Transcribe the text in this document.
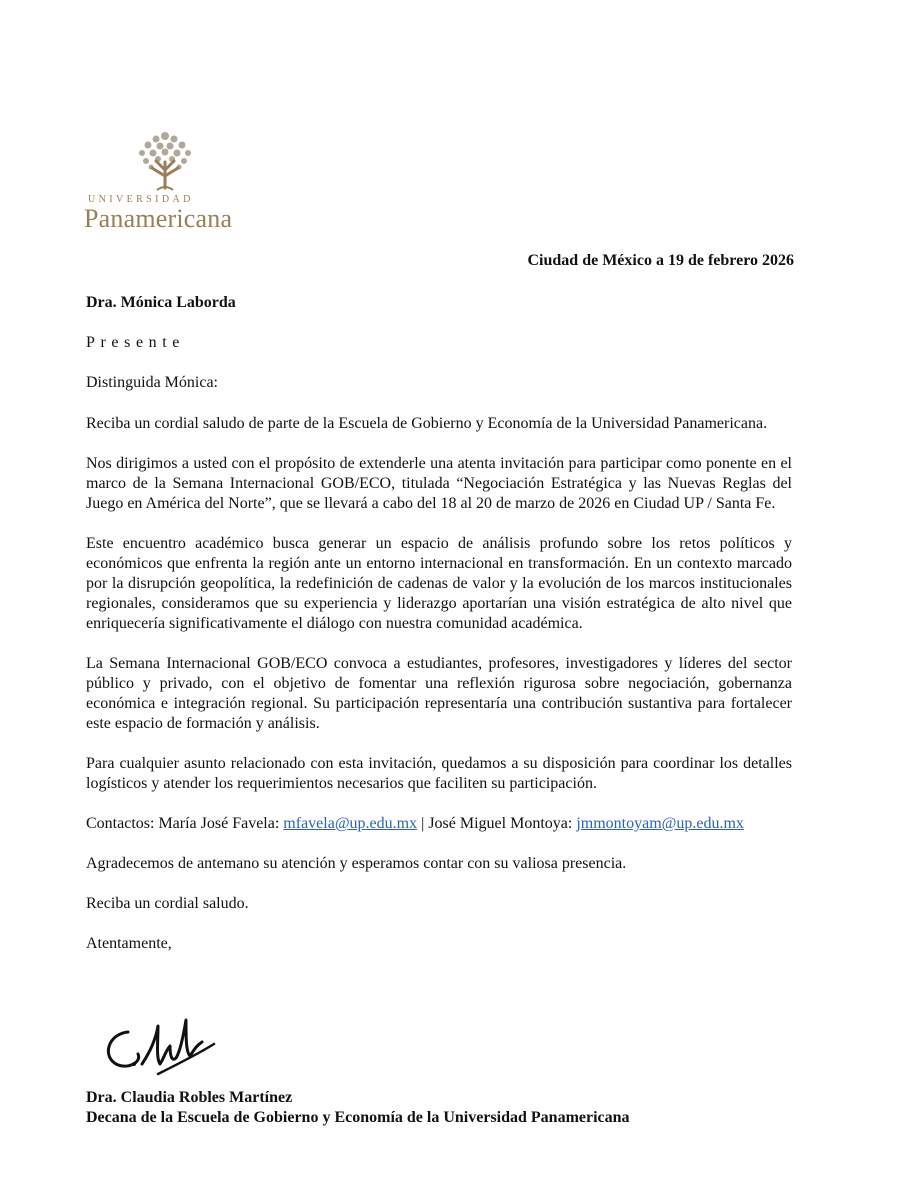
UNIVERSIDAD
Panamericana
Ciudad de México a 19 de febrero 2026
Dra. Mónica Laborda
Presente
Distinguida Mónica:

Reciba un cordial saludo de parte de la Escuela de Gobierno y Economía de la Universidad Panamericana.

Nos dirigimos a usted con el propósito de extenderle una atenta invitación para participar como ponente en el marco de la Semana Internacional GOB/ECO, titulada “Negociación Estratégica y las Nuevas Reglas del Juego en América del Norte”, que se llevará a cabo del 18 al 20 de marzo de 2026 en Ciudad UP / Santa Fe.

Este encuentro académico busca generar un espacio de análisis profundo sobre los retos políticos y económicos que enfrenta la región ante un entorno internacional en transformación. En un contexto marcado por la disrupción geopolítica, la redefinición de cadenas de valor y la evolución de los marcos institucionales regionales, consideramos que su experiencia y liderazgo aportarían una visión estratégica de alto nivel que enriquecería significativamente el diálogo con nuestra comunidad académica.

La Semana Internacional GOB/ECO convoca a estudiantes, profesores, investigadores y líderes del sector público y privado, con el objetivo de fomentar una reflexión rigurosa sobre negociación, gobernanza económica e integración regional. Su participación representaría una contribución sustantiva para fortalecer este espacio de formación y análisis.

Para cualquier asunto relacionado con esta invitación, quedamos a su disposición para coordinar los detalles logísticos y atender los requerimientos necesarios que faciliten su participación.

Contactos: María José Favela: mfavela@up.edu.mx | José Miguel Montoya: jmmontoyam@up.edu.mx

Agradecemos de antemano su atención y esperamos contar con su valiosa presencia.

Reciba un cordial saludo.

Atentamente,

Dra. Claudia Robles Martínez
Decana de la Escuela de Gobierno y Economía de la Universidad Panamericana
